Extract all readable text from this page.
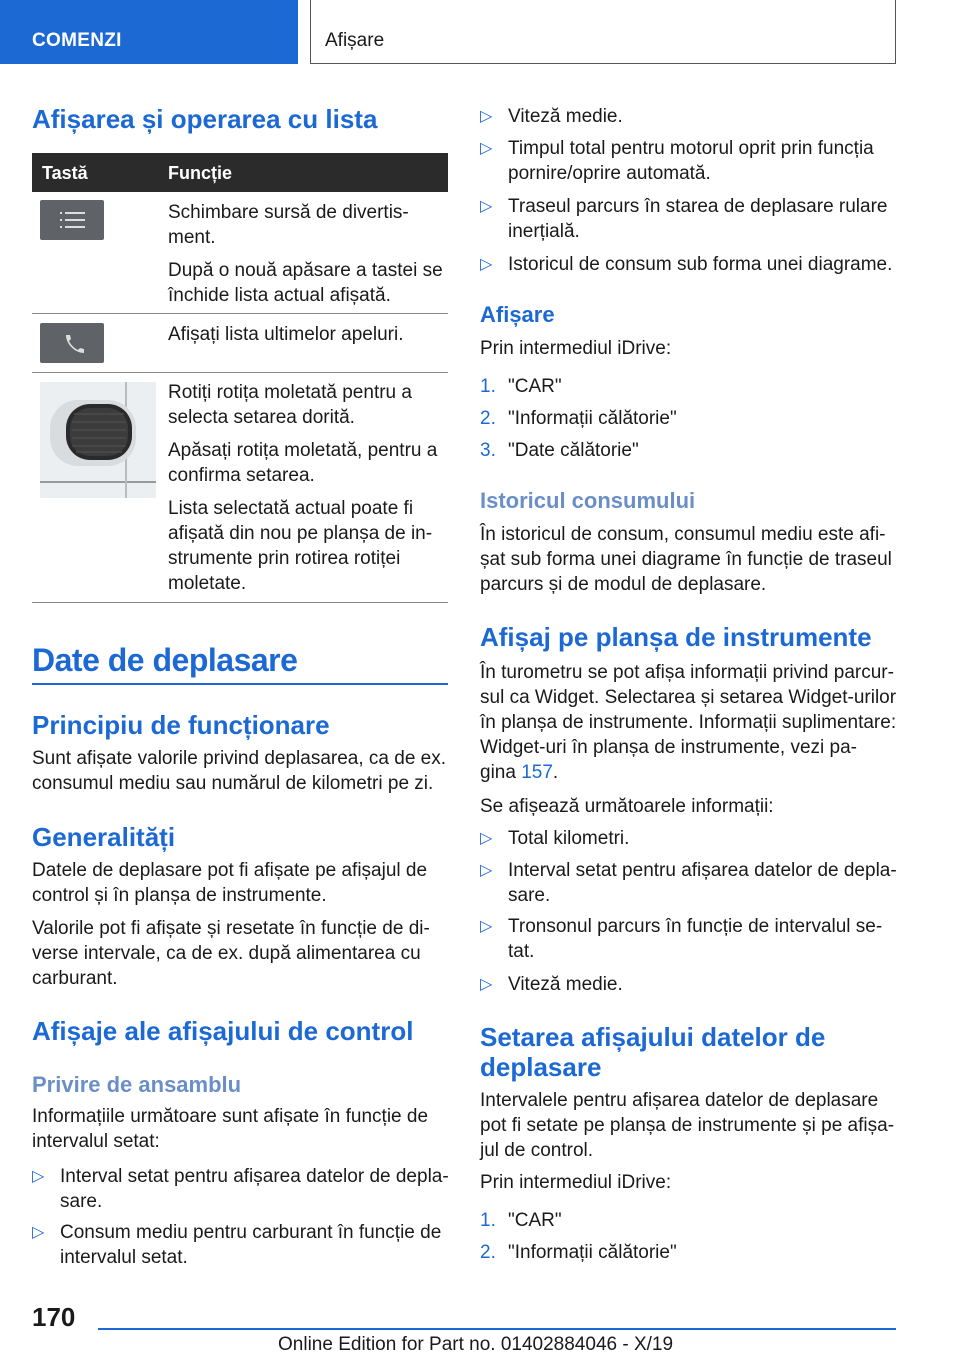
COMENZI	Afișare
Afișarea și operarea cu lista
Tastă	Funcție
Schimbare sursă de divertis-
ment.
După o nouă apăsare a tastei se
închide lista actual afișată.
Afișați lista ultimelor apeluri.
Rotiți rotița moletată pentru a
selecta setarea dorită.
Apăsați rotița moletată, pentru a
confirma setarea.
Lista selectată actual poate fi
afișată din nou pe planșa de in-
strumente prin rotirea rotiței
moletate.
Date de deplasare
Principiu de funcționare
Sunt afișate valorile privind deplasarea, ca de ex.
consumul mediu sau numărul de kilometri pe zi.
Generalități
Datele de deplasare pot fi afișate pe afișajul de
control și în planșa de instrumente.
Valorile pot fi afișate și resetate în funcție de di-
verse intervale, ca de ex. după alimentarea cu
carburant.
Afișaje ale afișajului de control
Privire de ansamblu
Informațiile următoare sunt afișate în funcție de
intervalul setat:
▷ Interval setat pentru afișarea datelor de depla-
sare.
▷ Consum mediu pentru carburant în funcție de
intervalul setat.
▷ Viteză medie.
▷ Timpul total pentru motorul oprit prin funcția
pornire/oprire automată.
▷ Traseul parcurs în starea de deplasare rulare
inerțială.
▷ Istoricul de consum sub forma unei diagrame.
Afișare
Prin intermediul iDrive:
1. "CAR"
2. "Informații călătorie"
3. "Date călătorie"
Istoricul consumului
În istoricul de consum, consumul mediu este afi-
șat sub forma unei diagrame în funcție de traseul
parcurs și de modul de deplasare.
Afișaj pe planșa de instrumente
În turometru se pot afișa informații privind parcur-
sul ca Widget. Selectarea și setarea Widget-urilor
în planșa de instrumente. Informații suplimentare:
Widget-uri în planșa de instrumente, vezi pa-
gina 157.
Se afișează următoarele informații:
▷ Total kilometri.
▷ Interval setat pentru afișarea datelor de depla-
sare.
▷ Tronsonul parcurs în funcție de intervalul se-
tat.
▷ Viteză medie.
Setarea afișajului datelor de
deplasare
Intervalele pentru afișarea datelor de deplasare
pot fi setate pe planșa de instrumente și pe afișa-
jul de control.
Prin intermediul iDrive:
1. "CAR"
2. "Informații călătorie"
170
Online Edition for Part no. 01402884046 - X/19
